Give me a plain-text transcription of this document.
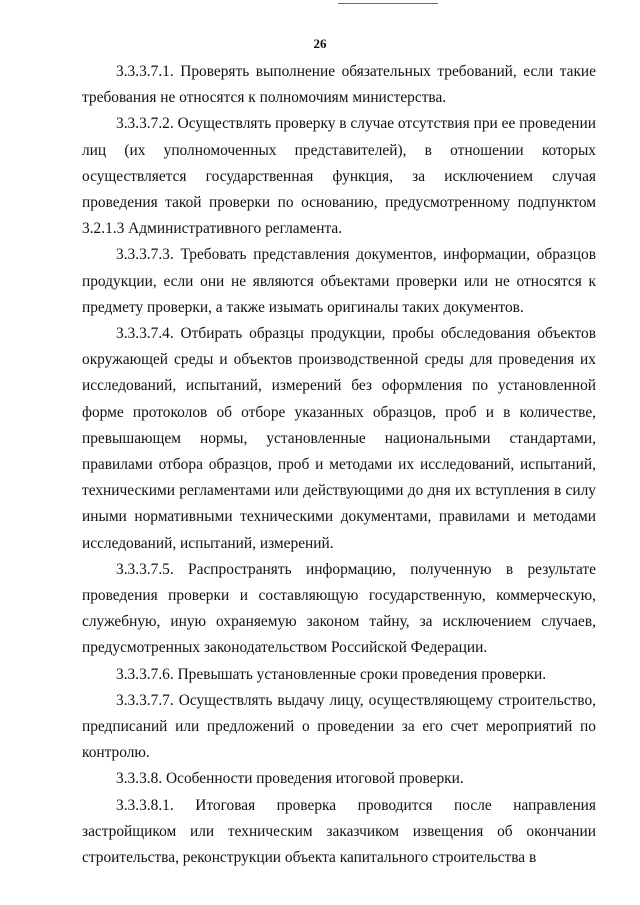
26

3.3.3.7.1. Проверять выполнение обязательных требований, если такие требования не относятся к полномочиям министерства.

3.3.3.7.2. Осуществлять проверку в случае отсутствия при ее проведении лиц (их уполномоченных представителей), в отношении которых осуществляется государственная функция, за исключением случая проведения такой проверки по основанию, предусмотренному подпунктом 3.2.1.3 Административного регламента.

3.3.3.7.3. Требовать представления документов, информации, образцов продукции, если они не являются объектами проверки или не относятся к предмету проверки, а также изымать оригиналы таких документов.

3.3.3.7.4. Отбирать образцы продукции, пробы обследования объектов окружающей среды и объектов производственной среды для проведения их исследований, испытаний, измерений без оформления по установленной форме протоколов об отборе указанных образцов, проб и в количестве, превышающем нормы, установленные национальными стандартами, правилами отбора образцов, проб и методами их исследований, испытаний, техническими регламентами или действующими до дня их вступления в силу иными нормативными техническими документами, правилами и методами исследований, испытаний, измерений.

3.3.3.7.5. Распространять информацию, полученную в результате проведения проверки и составляющую государственную, коммерческую, служебную, иную охраняемую законом тайну, за исключением случаев, предусмотренных законодательством Российской Федерации.

3.3.3.7.6. Превышать установленные сроки проведения проверки.

3.3.3.7.7. Осуществлять выдачу лицу, осуществляющему строительство, предписаний или предложений о проведении за его счет мероприятий по контролю.

3.3.3.8. Особенности проведения итоговой проверки.

3.3.3.8.1. Итоговая проверка проводится после направления застройщиком или техническим заказчиком извещения об окончании строительства, реконструкции объекта капитального строительства в
